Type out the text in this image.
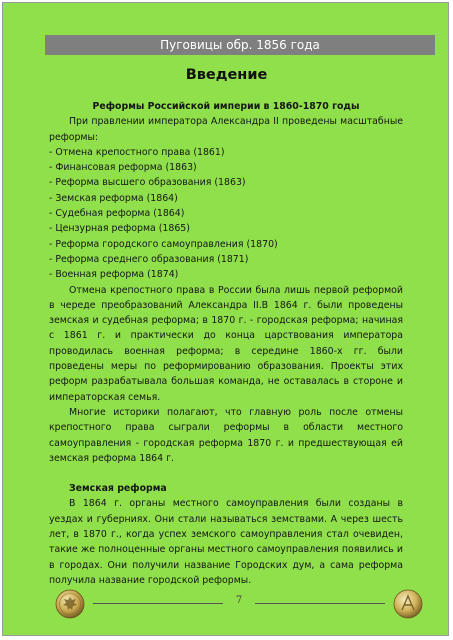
Пуговицы обр. 1856 года
Введение

Реформы Российской империи в 1860-1870 годы

При правлении императора Александра II проведены масштабные реформы:

- Отмена крепостного права (1861)
- Финансовая реформа (1863)
- Реформа высшего образования (1863)
- Земская реформа (1864)
- Судебная реформа (1864)
- Цензурная реформа (1865)
- Реформа городского самоуправления (1870)
- Реформа среднего образования (1871)
- Военная реформа (1874)

Отмена крепостного права в России была лишь первой реформой в череде преобразований Александра II.В 1864 г. были проведены земская и судебная реформа; в 1870 г. - городская реформа; начиная с 1861 г. и практически до конца царствования императора проводилась военная реформа; в середине 1860-х гг. были проведены меры по реформированию образования. Проекты этих реформ разрабатывала большая команда, не оставалась в стороне и императорская семья.

Многие историки полагают, что главную роль после отмены крепостного права сыграли реформы в области местного самоуправления - городская реформа 1870 г. и предшествующая ей земская реформа 1864 г.

Земская реформа

В 1864 г. органы местного самоуправления были созданы в уездах и губерниях. Они стали называться земствами. А через шесть лет, в 1870 г., когда успех земского самоуправления стал очевиден, такие же полноценные органы местного самоуправления появились и в городах. Они получили название Городских дум, а сама реформа получила название городской реформы.

7
